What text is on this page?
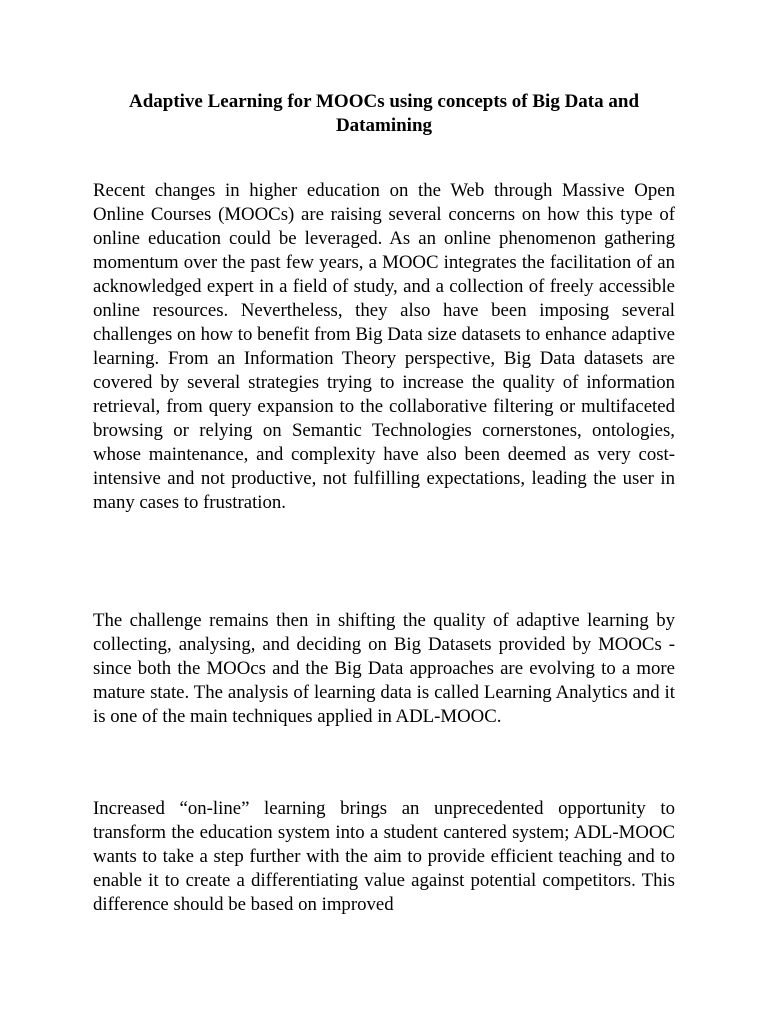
Adaptive Learning for MOOCs using concepts of Big Data and Datamining

Recent changes in higher education on the Web through Massive Open Online Courses (MOOCs) are raising several concerns on how this type of online education could be leveraged. As an online phenomenon gathering momentum over the past few years, a MOOC integrates the facilitation of an acknowledged expert in a field of study, and a collection of freely accessible online resources. Nevertheless, they also have been imposing several challenges on how to benefit from Big Data size datasets to enhance adaptive learning. From an Information Theory perspective, Big Data datasets are covered by several strategies trying to increase the quality of information retrieval, from query expansion to the collaborative filtering or multifaceted browsing or relying on Semantic Technologies cornerstones, ontologies, whose maintenance, and complexity have also been deemed as very cost-intensive and not productive, not fulfilling expectations, leading the user in many cases to frustration.

The challenge remains then in shifting the quality of adaptive learning by collecting, analysing, and deciding on Big Datasets provided by MOOCs - since both the MOOcs and the Big Data approaches are evolving to a more mature state. The analysis of learning data is called Learning Analytics and it is one of the main techniques applied in ADL-MOOC.

Increased “on-line” learning brings an unprecedented opportunity to transform the education system into a student cantered system; ADL-MOOC wants to take a step further with the aim to provide efficient teaching and to enable it to create a differentiating value against potential competitors. This difference should be based on improved
